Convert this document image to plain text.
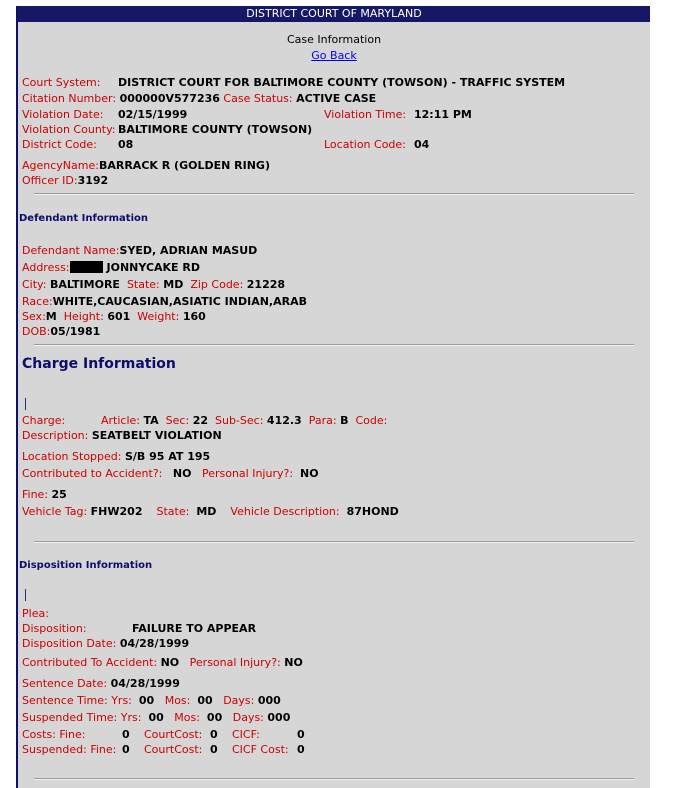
DISTRICT COURT OF MARYLAND
Case Information
Go Back
Court System: DISTRICT COURT FOR BALTIMORE COUNTY (TOWSON) - TRAFFIC SYSTEM
Citation Number: 000000V577236 Case Status: ACTIVE CASE
Violation Date: 02/15/1999	Violation Time: 12:11 PM
Violation County: BALTIMORE COUNTY (TOWSON)
District Code: 08	Location Code: 04
AgencyName:BARRACK R (GOLDEN RING)
Officer ID:3192
Defendant Information
Defendant Name:SYED, ADRIAN MASUD
Address:	JONNYCAKE RD
City: BALTIMORE State: MD Zip Code: 21228
Race:WHITE,CAUCASIAN,ASIATIC INDIAN,ARAB
Sex:M Height: 601 Weight: 160
DOB:05/1981
Charge Information
Charge:	Article: TA Sec: 22 Sub-Sec: 412.3 Para: B Code:
Description: SEATBELT VIOLATION
Location Stopped: S/B 95 AT 195
Contributed to Accident?: NO Personal Injury?: NO
Fine: 25
Vehicle Tag: FHW202 State: MD Vehicle Description: 87HOND
Disposition Information
Plea:
Disposition:	FAILURE TO APPEAR
Disposition Date: 04/28/1999
Contributed To Accident: NO Personal Injury?: NO
Sentence Date: 04/28/1999
Sentence Time: Yrs: 00 Mos: 00 Days: 000
Suspended Time: Yrs: 00 Mos: 00 Days: 000
Costs: Fine:	0 CourtCost: 0 CICF:	0
Suspended: Fine: 0 CourtCost: 0 CICF Cost: 0
